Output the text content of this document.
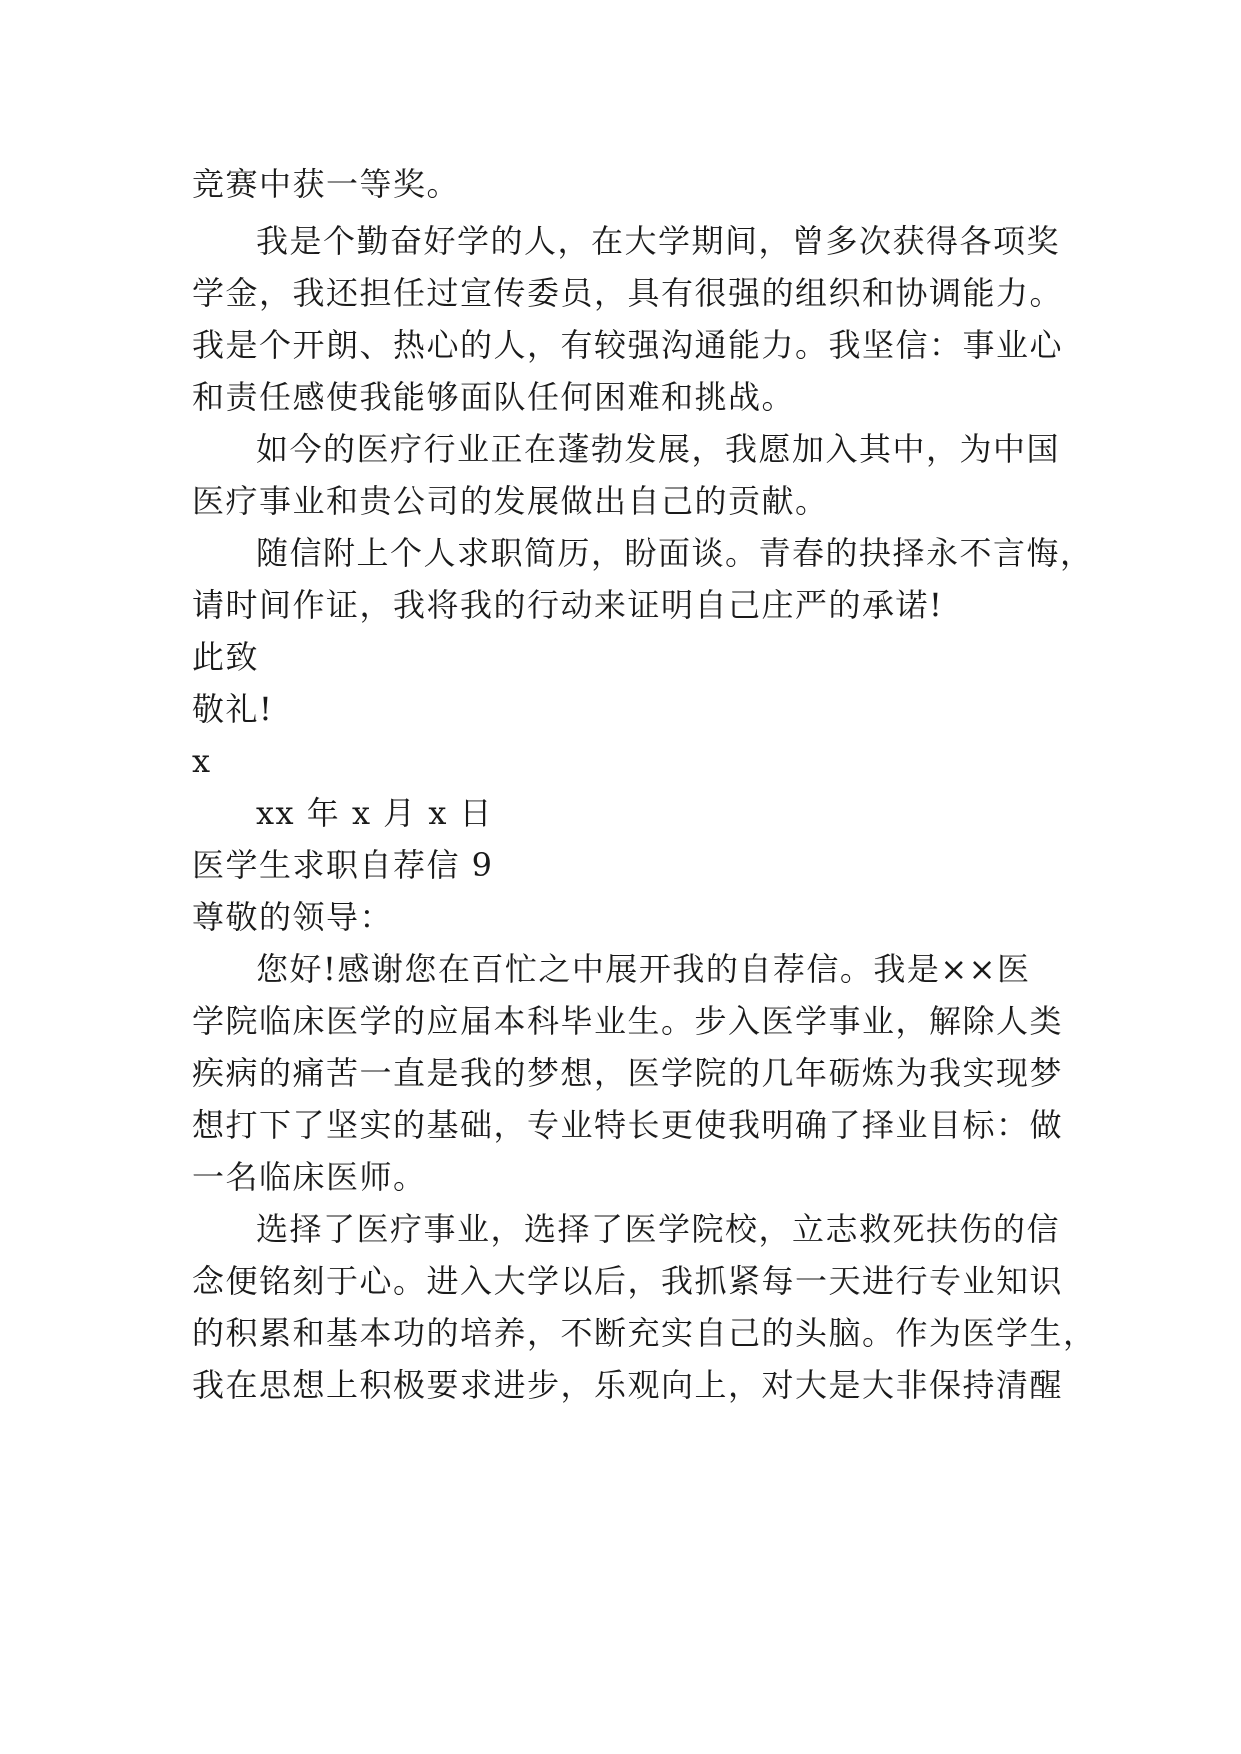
竞赛中获一等奖。
我是个勤奋好学的人，在大学期间，曾多次获得各项奖
学金，我还担任过宣传委员，具有很强的组织和协调能力。
我是个开朗、热心的人，有较强沟通能力。我坚信：事业心
和责任感使我能够面队任何困难和挑战。
如今的医疗行业正在蓬勃发展，我愿加入其中，为中国
医疗事业和贵公司的发展做出自己的贡献。
随信附上个人求职简历，盼面谈。青春的抉择永不言悔，
请时间作证，我将我的行动来证明自己庄严的承诺!
此致
敬礼!
x
xx 年 x 月 x 日
医学生求职自荐信 9
尊敬的领导：
您好!感谢您在百忙之中展开我的自荐信。我是××医
学院临床医学的应届本科毕业生。步入医学事业，解除人类
疾病的痛苦一直是我的梦想，医学院的几年砺炼为我实现梦
想打下了坚实的基础，专业特长更使我明确了择业目标：做
一名临床医师。
选择了医疗事业，选择了医学院校，立志救死扶伤的信
念便铭刻于心。进入大学以后，我抓紧每一天进行专业知识
的积累和基本功的培养，不断充实自己的头脑。作为医学生，
我在思想上积极要求进步，乐观向上，对大是大非保持清醒
